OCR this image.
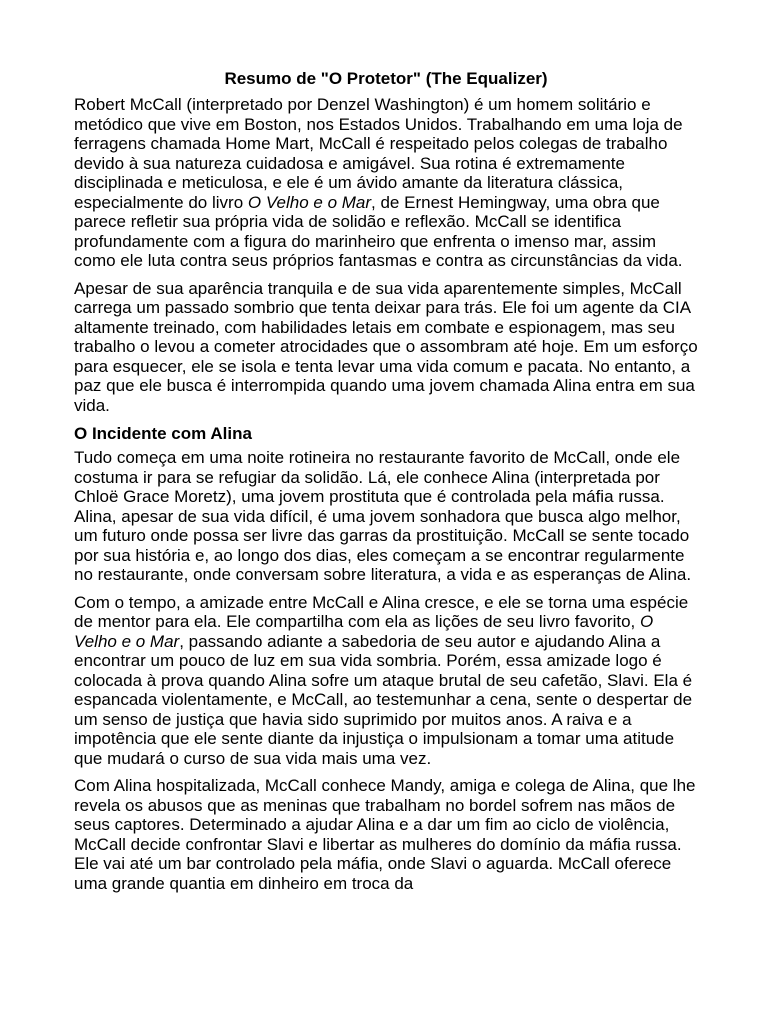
Resumo de "O Protetor" (The Equalizer)

Robert McCall (interpretado por Denzel Washington) é um homem solitário e metódico que vive em Boston, nos Estados Unidos. Trabalhando em uma loja de ferragens chamada Home Mart, McCall é respeitado pelos colegas de trabalho devido à sua natureza cuidadosa e amigável. Sua rotina é extremamente disciplinada e meticulosa, e ele é um ávido amante da literatura clássica, especialmente do livro O Velho e o Mar, de Ernest Hemingway, uma obra que parece refletir sua própria vida de solidão e reflexão. McCall se identifica profundamente com a figura do marinheiro que enfrenta o imenso mar, assim como ele luta contra seus próprios fantasmas e contra as circunstâncias da vida.

Apesar de sua aparência tranquila e de sua vida aparentemente simples, McCall carrega um passado sombrio que tenta deixar para trás. Ele foi um agente da CIA altamente treinado, com habilidades letais em combate e espionagem, mas seu trabalho o levou a cometer atrocidades que o assombram até hoje. Em um esforço para esquecer, ele se isola e tenta levar uma vida comum e pacata. No entanto, a paz que ele busca é interrompida quando uma jovem chamada Alina entra em sua vida.

O Incidente com Alina

Tudo começa em uma noite rotineira no restaurante favorito de McCall, onde ele costuma ir para se refugiar da solidão. Lá, ele conhece Alina (interpretada por Chloë Grace Moretz), uma jovem prostituta que é controlada pela máfia russa. Alina, apesar de sua vida difícil, é uma jovem sonhadora que busca algo melhor, um futuro onde possa ser livre das garras da prostituição. McCall se sente tocado por sua história e, ao longo dos dias, eles começam a se encontrar regularmente no restaurante, onde conversam sobre literatura, a vida e as esperanças de Alina.

Com o tempo, a amizade entre McCall e Alina cresce, e ele se torna uma espécie de mentor para ela. Ele compartilha com ela as lições de seu livro favorito, O Velho e o Mar, passando adiante a sabedoria de seu autor e ajudando Alina a encontrar um pouco de luz em sua vida sombria. Porém, essa amizade logo é colocada à prova quando Alina sofre um ataque brutal de seu cafetão, Slavi. Ela é espancada violentamente, e McCall, ao testemunhar a cena, sente o despertar de um senso de justiça que havia sido suprimido por muitos anos. A raiva e a impotência que ele sente diante da injustiça o impulsionam a tomar uma atitude que mudará o curso de sua vida mais uma vez.

Com Alina hospitalizada, McCall conhece Mandy, amiga e colega de Alina, que lhe revela os abusos que as meninas que trabalham no bordel sofrem nas mãos de seus captores. Determinado a ajudar Alina e a dar um fim ao ciclo de violência, McCall decide confrontar Slavi e libertar as mulheres do domínio da máfia russa. Ele vai até um bar controlado pela máfia, onde Slavi o aguarda. McCall oferece uma grande quantia em dinheiro em troca da
